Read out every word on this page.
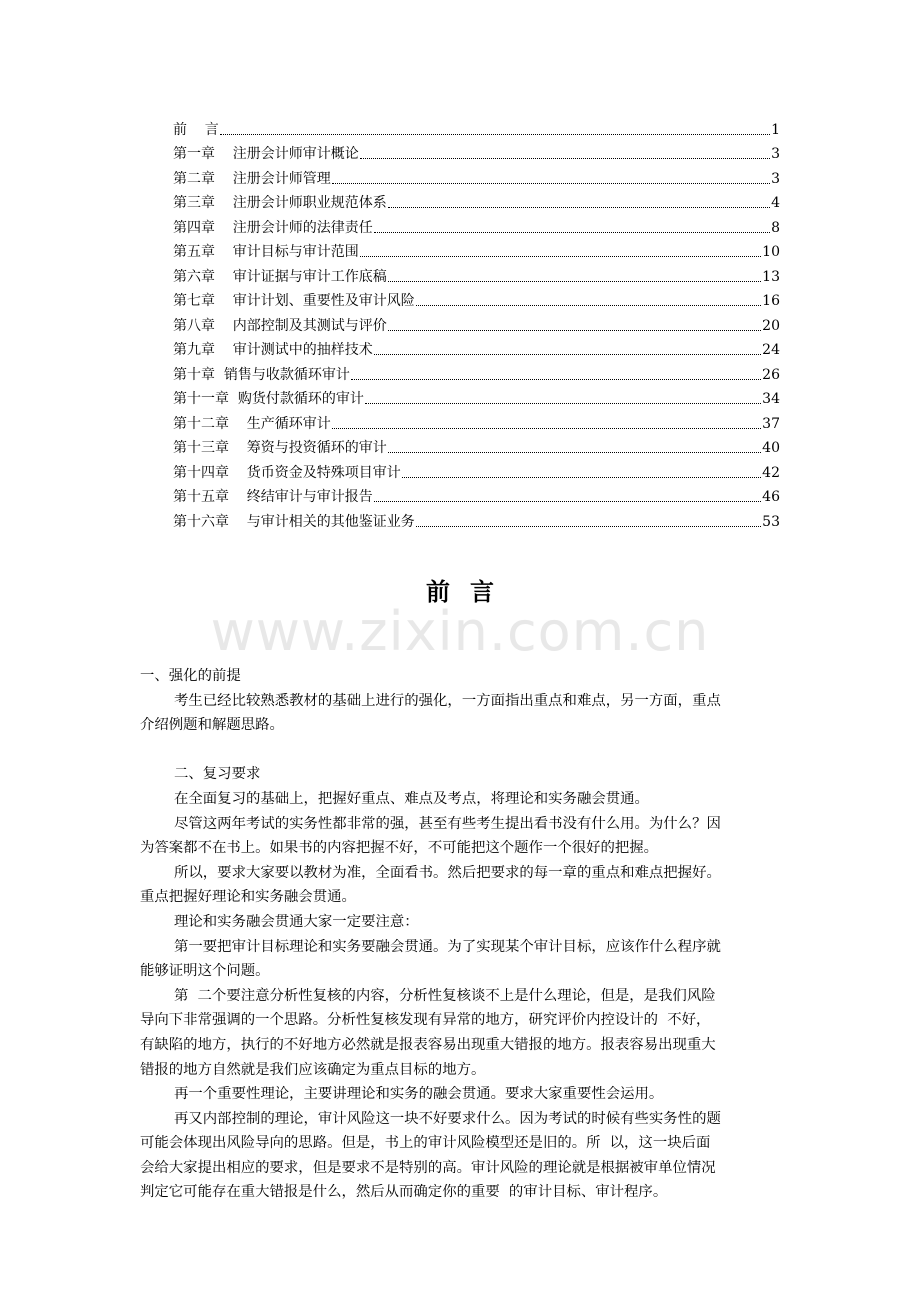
www.zixin.com.cn
前    言	1
第一章    注册会计师审计概论	3
第二章    注册会计师管理	3
第三章    注册会计师职业规范体系	4
第四章    注册会计师的法律责任	8
第五章    审计目标与审计范围	10
第六章    审计证据与审计工作底稿	13
第七章    审计计划、重要性及审计风险	16
第八章    内部控制及其测试与评价	20
第九章    审计测试中的抽样技术	24
第十章  销售与收款循环审计	26
第十一章  购货付款循环的审计	34
第十二章    生产循环审计	37
第十三章    筹资与投资循环的审计	40
第十四章    货币资金及特殊项目审计	42
第十五章    终结审计与审计报告	46
第十六章    与审计相关的其他鉴证业务	53
前言
一、强化的前提
考生已经比较熟悉教材的基础上进行的强化，一方面指出重点和难点，另一方面，重点
介绍例题和解题思路。
二、复习要求
在全面复习的基础上，把握好重点、难点及考点，将理论和实务融会贯通。
尽管这两年考试的实务性都非常的强，甚至有些考生提出看书没有什么用。为什么？因
为答案都不在书上。如果书的内容把握不好，不可能把这个题作一个很好的把握。
所以，要求大家要以教材为准，全面看书。然后把要求的每一章的重点和难点把握好。
重点把握好理论和实务融会贯通。
理论和实务融会贯通大家一定要注意：
第一要把审计目标理论和实务要融会贯通。为了实现某个审计目标，应该作什么程序就
能够证明这个问题。
第  二个要注意分析性复核的内容，分析性复核谈不上是什么理论，但是，是我们风险
导向下非常强调的一个思路。分析性复核发现有异常的地方，研究评价内控设计的  不好，
有缺陷的地方，执行的不好地方必然就是报表容易出现重大错报的地方。报表容易出现重大
错报的地方自然就是我们应该确定为重点目标的地方。
再一个重要性理论，主要讲理论和实务的融会贯通。要求大家重要性会运用。
再又内部控制的理论，审计风险这一块不好要求什么。因为考试的时候有些实务性的题
可能会体现出风险导向的思路。但是，书上的审计风险模型还是旧的。所  以，这一块后面
会给大家提出相应的要求，但是要求不是特别的高。审计风险的理论就是根据被审单位情况
判定它可能存在重大错报是什么，然后从而确定你的重要  的审计目标、审计程序。
